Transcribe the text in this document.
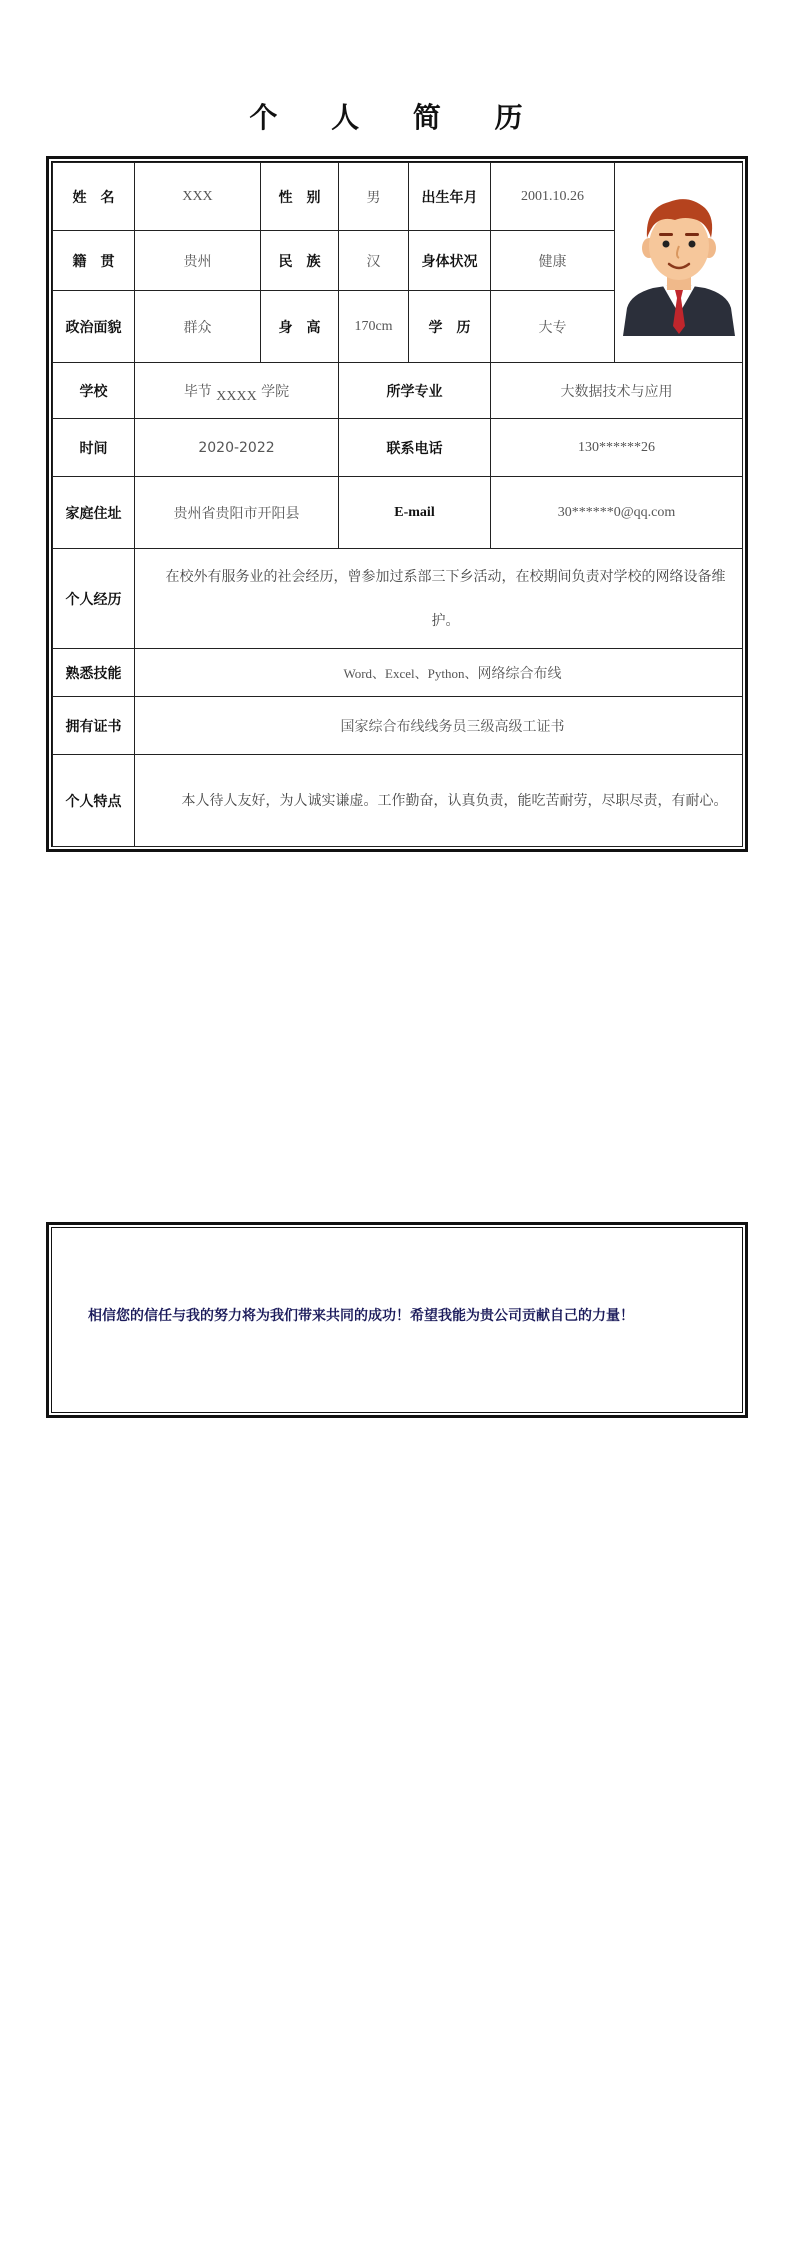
个 人 简 历
姓　名	XXX	性　别	男	出生年月	2001.10.26	
籍　贯	贵州	民　族	汉	身体状况	健康	
政治面貌	群众	身　高	170cm	学　历	大专	
学校	毕节 XXXX 学院		所学专业		大数据技术与应用	
时间	2020-2022		联系电话		130******26	
家庭住址	贵州省贵阳市开阳县		E-mail		30******0@qq.com	
个人经历	在校外有服务业的社会经历，曾参加过系部三下乡活动，在校期间负责对学校的网络设备维护。					

熟悉技能	Word、Excel、Python、网络综合布线					
拥有证书	国家综合布线线务员三级高级工证书					
个人特点	本人待人友好，为人诚实谦虚。工作勤奋，认真负责，能吃苦耐劳，尽职尽责，有耐心。					
相信您的信任与我的努力将为我们带来共同的成功！希望我能为贵公司贡献自己的力量！
